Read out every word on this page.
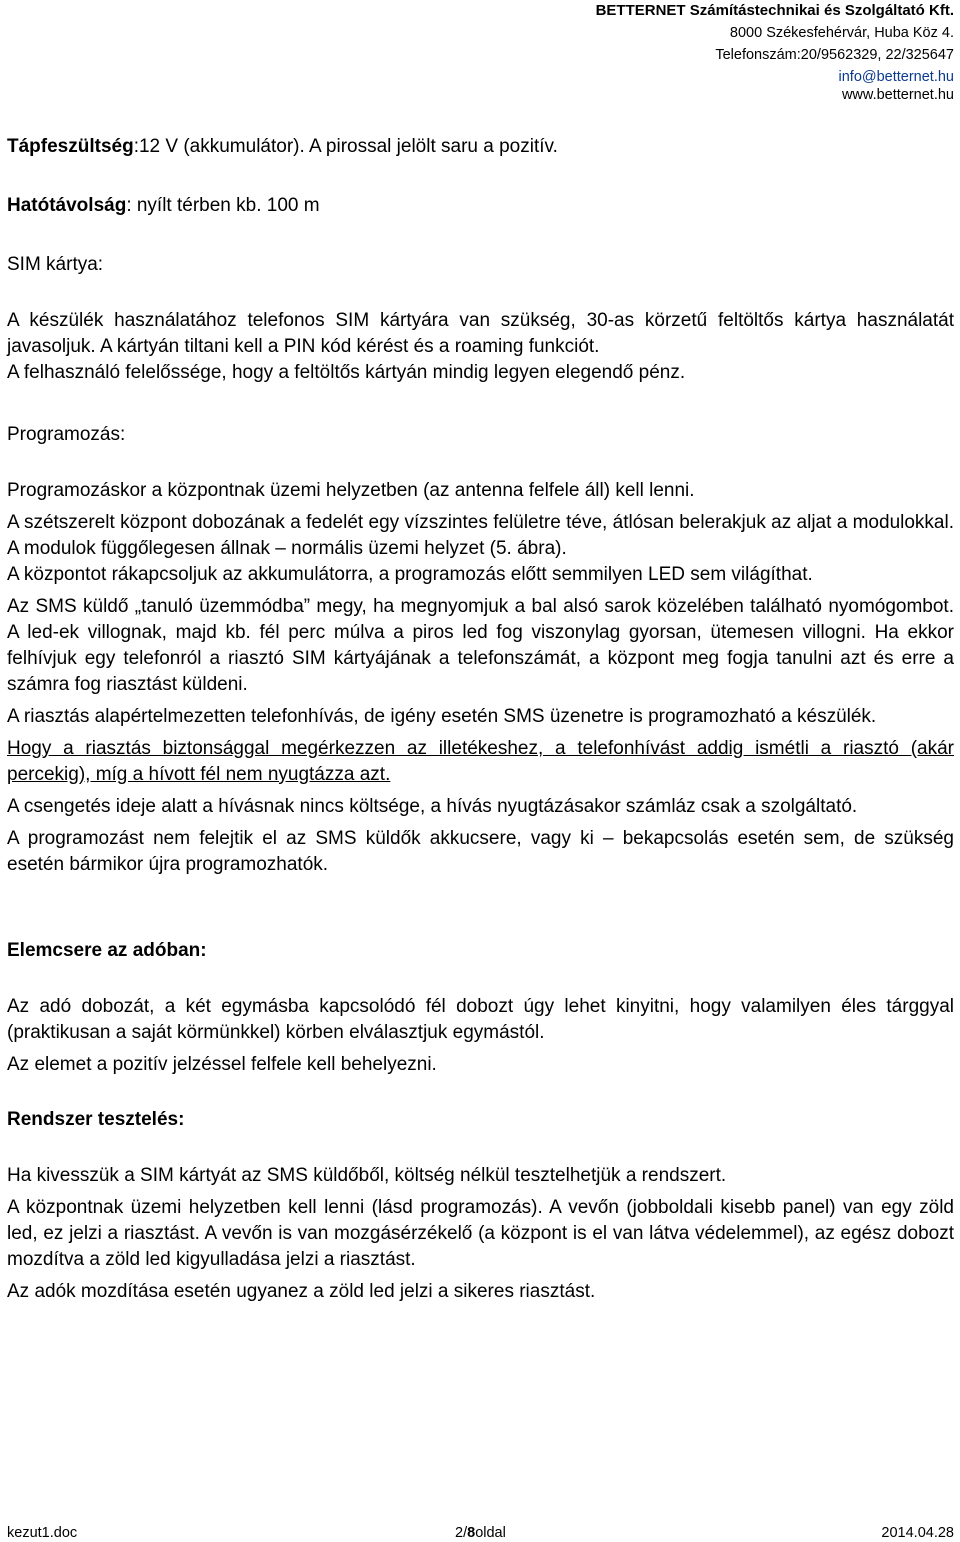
BETTERNET Számítástechnikai és Szolgáltató Kft.
8000 Székesfehérvár, Huba Köz 4.
Telefonszám:20/9562329, 22/325647
info@betternet.hu
www.betternet.hu
Tápfeszültség:12 V (akkumulátor). A pirossal jelölt saru a pozitív.
Hatótávolság: nyílt térben kb. 100 m
SIM kártya:

A készülék használatához telefonos SIM kártyára van szükség, 30-as körzetű feltöltős kártya használatát javasoljuk. A kártyán tiltani kell a PIN kód kérést és a roaming funkciót.

A felhasználó felelőssége, hogy a feltöltős kártyán mindig legyen elegendő pénz.

Programozás:

Programozáskor a központnak üzemi helyzetben (az antenna felfele áll) kell lenni.

A szétszerelt központ dobozának a fedelét egy vízszintes felületre téve, átlósan belerakjuk az aljat a modulokkal. A modulok függőlegesen állnak – normális üzemi helyzet (5. ábra).

A központot rákapcsoljuk az akkumulátorra, a programozás előtt semmilyen LED sem világíthat.

Az SMS küldő „tanuló üzemmódba” megy, ha megnyomjuk a bal alsó sarok közelében található nyomógombot. A led-ek villognak, majd kb. fél perc múlva a piros led fog viszonylag gyorsan, ütemesen villogni. Ha ekkor felhívjuk egy telefonról a riasztó SIM kártyájának a telefonszámát, a központ meg fogja tanulni azt és erre a számra fog riasztást küldeni.

A riasztás alapértelmezetten telefonhívás, de igény esetén SMS üzenetre is programozható a készülék.

Hogy a riasztás biztonsággal megérkezzen az illetékeshez, a telefonhívást addig ismétli a riasztó (akár percekig), míg a hívott fél nem nyugtázza azt.

A csengetés ideje alatt a hívásnak nincs költsége, a hívás nyugtázásakor számláz csak a szolgáltató.

A programozást nem felejtik el az SMS küldők akkucsere, vagy ki – bekapcsolás esetén sem, de szükség esetén bármikor újra programozhatók.

Elemcsere az adóban:

Az adó dobozát, a két egymásba kapcsolódó fél dobozt úgy lehet kinyitni, hogy valamilyen éles tárggyal (praktikusan a saját körmünkkel) körben elválasztjuk egymástól.

Az elemet a pozitív jelzéssel felfele kell behelyezni.

Rendszer tesztelés:

Ha kivesszük a SIM kártyát az SMS küldőből, költség nélkül tesztelhetjük a rendszert.

A központnak üzemi helyzetben kell lenni (lásd programozás). A vevőn (jobboldali kisebb panel) van egy zöld led, ez jelzi a riasztást. A vevőn is van mozgásérzékelő (a központ is el van látva védelemmel), az egész dobozt mozdítva a zöld led kigyulladása jelzi a riasztást.

Az adók mozdítása esetén ugyanez a zöld led jelzi a sikeres riasztást.

kezut1.doc	2/8oldal	2014.04.28
